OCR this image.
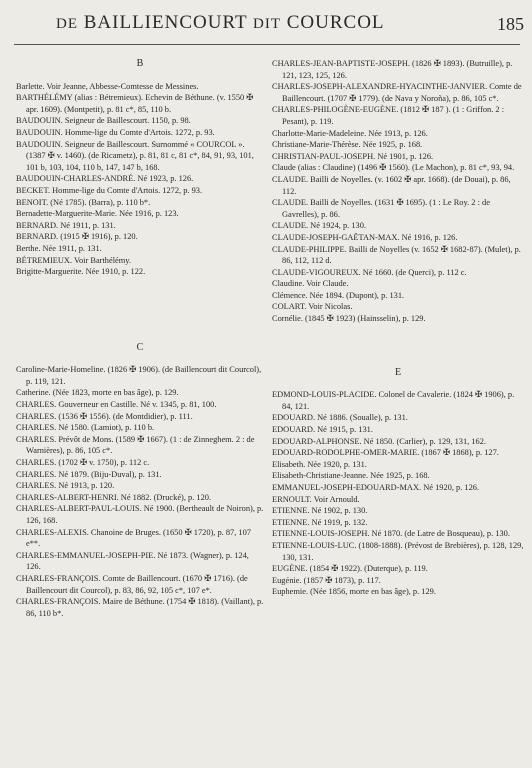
DE BAILLIENCOURT DIT COURCOL	185
B

Barlette. Voir Jeanne, Abbesse-Comtesse de Messines.

BARTHÉLÉMY (alias : Bétremieux). Echevin de Béthune. (v. 1550 ✠ apr. 1609). (Montpetit), p. 81 c*, 85, 110 b.

BAUDOUIN. Seigneur de Baillescourt. 1150, p. 98.

BAUDOUIN. Homme-lige du Comte d'Artois. 1272, p. 93.

BAUDOUIN. Seigneur de Baillescourt. Surnommé « COURCOL ». (1387 ✠ v. 1460). (de Ricametz), p. 81, 81 c, 81 c*, 84, 91, 93, 101, 101 b, 103, 104, 110 b, 147, 147 b, 168.

BAUDOUIN-CHARLES-ANDRÉ. Né 1923, p. 126.

BECKET. Homme-lige du Comte d'Artois. 1272, p. 93.

BENOIT. (Né 1785). (Barra), p. 110 b*.

Bernadette-Marguerite-Marie. Née 1916, p. 123.

BERNARD. Né 1911, p. 131.

BERNARD. (1915 ✠ 1916), p. 120.

Berthe. Née 1911, p. 131.

BÉTREMIEUX. Voir Barthélémy.

Brigitte-Marguerite. Née 1910, p. 122.

C

Caroline-Marie-Homeline. (1826 ✠ 1906). (de Baillencourt dit Courcol), p. 119, 121.

Catherine. (Née 1823, morte en bas âge), p. 129.

CHARLES. Gouverneur en Castille. Né v. 1345, p. 81, 100.

CHARLES. (1536 ✠ 1556). (de Montdidier), p. 111.

CHARLES. Né 1580. (Lamiot), p. 110 b.

CHARLES. Prévôt de Mons. (1589 ✠ 1667). (1 : de Zinneghem. 2 : de Warnières), p. 86, 105 c*.

CHARLES. (1702 ✠ v. 1750), p. 112 c.

CHARLES. Né 1879. (Biju-Duval), p. 131.

CHARLES. Né 1913, p. 120.

CHARLES-ALBERT-HENRI. Né 1882. (Drucké), p. 120.

CHARLES-ALBERT-PAUL-LOUIS. Né 1900. (Bertheault de Noiron), p. 126, 168.

CHARLES-ALEXIS. Chanoine de Bruges. (1650 ✠ 1720), p. 87, 107 e**.

CHARLES-EMMANUEL-JOSEPH-PIE. Né 1873. (Wagner), p. 124, 126.

CHARLES-FRANÇOIS. Comte de Baillencourt. (1670 ✠ 1716). (de Baillencourt dit Courcol), p. 83, 86, 92, 105 c*, 107 e*.

CHARLES-FRANÇOIS. Maire de Béthune. (1754 ✠ 1818). (Vaillant), p. 86, 110 b*.

CHARLES-JEAN-BAPTISTE-JOSEPH. (1826 ✠ 1893). (Butruille), p. 121, 123, 125, 126.

CHARLES-JOSEPH-ALEXANDRE-HYACINTHE-JANVIER. Comte de Baillencourt. (1707 ✠ 1779). (de Nava y Noroña), p. 86, 105 c*.

CHARLES-PHILOGÈNE-EUGÈNE. (1812 ✠ 187 ). (1 : Griffon. 2 : Pesant), p. 119.

Charlotte-Marie-Madeleine. Née 1913, p. 126.

Christiane-Marie-Thérèse. Née 1925, p. 168.

CHRISTIAN-PAUL-JOSEPH. Né 1901, p. 126.

Claude (alias : Claudine) (1496 ✠ 1560). (Le Machon), p. 81 c*, 93, 94.

CLAUDE. Bailli de Noyelles. (v. 1602 ✠ apr. 1668). (de Douai), p. 86, 112.

CLAUDE. Bailli de Noyelles. (1631 ✠ 1695). (1 : Le Roy. 2 : de Gavrelles), p. 86.

CLAUDE. Né 1924, p. 130.

CLAUDE-JOSEPH-GAËTAN-MAX. Né 1916, p. 126.

CLAUDE-PHILIPPE. Bailli de Noyelles (v. 1652 ✠ 1682-87). (Mulet), p. 86, 112, 112 d.

CLAUDE-VIGOUREUX. Né 1660. (de Querci), p. 112 c.

Claudine. Voir Claude.

Clémence. Née 1894. (Dupont), p. 131.

COLART. Voir Nicolas.

Cornélie. (1845 ✠ 1923) (Hainsselin), p. 129.

E

EDMOND-LOUIS-PLACIDE. Colonel de Cavalerie. (1824 ✠ 1906), p. 84, 121.

EDOUARD. Né 1886. (Soualle), p. 131.

EDOUARD. Né 1915, p. 131.

EDOUARD-ALPHONSE. Né 1850. (Carlier), p. 129, 131, 162.

EDOUARD-RODOLPHE-OMER-MARIE. (1867 ✠ 1868), p. 127.

Elisabeth. Née 1920, p. 131.

Elisabeth-Christiane-Jeanne. Née 1925, p. 168.

EMMANUEL-JOSEPH-EDOUARD-MAX. Né 1920, p. 126.

ERNOULT. Voir Arnould.

ETIENNE. Né 1902, p. 130.

ETIENNE. Né 1919, p. 132.

ETIENNE-LOUIS-JOSEPH. Né 1870. (de Latre de Bosqueau), p. 130.

ETIENNE-LOUIS-LUC. (1808-1888). (Prévost de Brebières), p. 128, 129, 130, 131.

EUGÈNE. (1854 ✠ 1922). (Duterque), p. 119.

Eugénie. (1857 ✠ 1873), p. 117.

Euphemie. (Née 1856, morte en bas âge), p. 129.
